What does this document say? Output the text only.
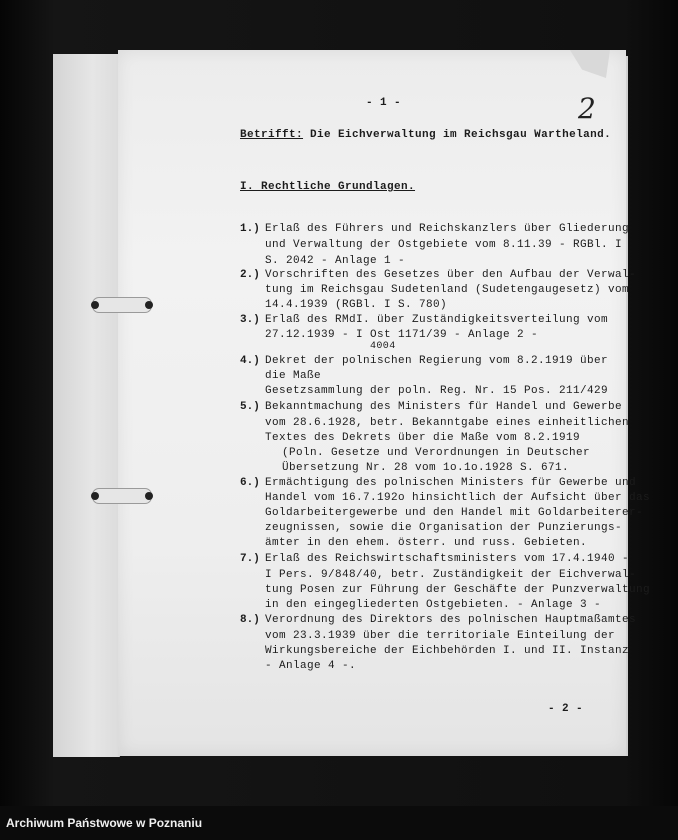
- 1 -	2
Betrifft: Die Eichverwaltung im Reichsgau Wartheland.
I. Rechtliche Grundlagen.
1.) Erlaß des Führers und Reichskanzlers über Gliederung
und Verwaltung der Ostgebiete vom 8.11.39 - RGBl. I
S. 2042 - Anlage 1 -
2.) Vorschriften des Gesetzes über den Aufbau der Verwal-
tung im Reichsgau Sudetenland (Sudetengaugesetz) vom
14.4.1939 (RGBl. I S. 780)
3.) Erlaß des RMdI. über Zuständigkeitsverteilung vom
27.12.1939 - I Ost 1171/39 - Anlage 2 -
4004
4.) Dekret der polnischen Regierung vom 8.2.1919 über
die Maße
Gesetzsammlung der poln. Reg. Nr. 15 Pos. 211/429
5.) Bekanntmachung des Ministers für Handel und Gewerbe
vom 28.6.1928, betr. Bekanntgabe eines einheitlichen
Textes des Dekrets über die Maße vom 8.2.1919
(Poln. Gesetze und Verordnungen in Deutscher
Übersetzung Nr. 28 vom 1o.1o.1928 S. 671.
6.) Ermächtigung des polnischen Ministers für Gewerbe und
Handel vom 16.7.192o hinsichtlich der Aufsicht über das
Goldarbeitergewerbe und den Handel mit Goldarbeiterer-
zeugnissen, sowie die Organisation der Punzierungs-
ämter in den ehem. österr. und russ. Gebieten.
7.) Erlaß des Reichswirtschaftsministers vom 17.4.1940 -
I Pers. 9/848/40, betr. Zuständigkeit der Eichverwal-
tung Posen zur Führung der Geschäfte der Punzverwaltung
in den eingegliederten Ostgebieten. - Anlage 3 -
8.) Verordnung des Direktors des polnischen Hauptmaßamtes
vom 23.3.1939 über die territoriale Einteilung der
Wirkungsbereiche der Eichbehörden I. und II. Instanz
- Anlage 4 -.
- 2 -
Archiwum Państwowe w Poznaniu
